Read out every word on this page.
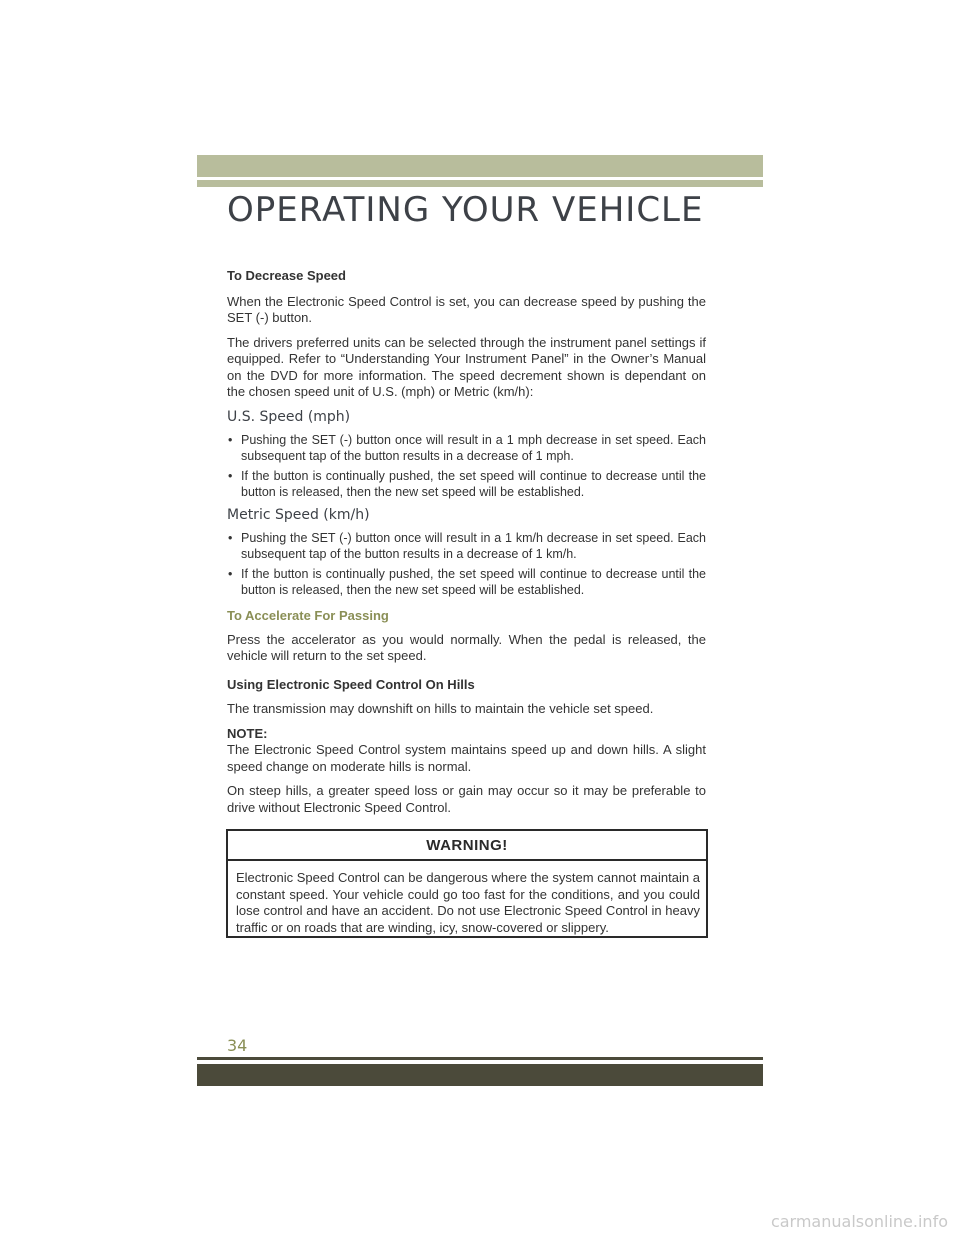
OPERATING YOUR VEHICLE

To Decrease Speed

When the Electronic Speed Control is set, you can decrease speed by pushing the SET (-) button.

The drivers preferred units can be selected through the instrument panel settings if equipped. Refer to “Understanding Your Instrument Panel” in the Owner’s Manual on the DVD for more information. The speed decrement shown is dependant on the chosen speed unit of U.S. (mph) or Metric (km/h):

U.S. Speed (mph)
• Pushing the SET (-) button once will result in a 1 mph decrease in set speed. Each subsequent tap of the button results in a decrease of 1 mph.
• If the button is continually pushed, the set speed will continue to decrease until the button is released, then the new set speed will be established.
Metric Speed (km/h)
• Pushing the SET (-) button once will result in a 1 km/h decrease in set speed. Each subsequent tap of the button results in a decrease of 1 km/h.
• If the button is continually pushed, the set speed will continue to decrease until the button is released, then the new set speed will be established.
To Accelerate For Passing

Press the accelerator as you would normally. When the pedal is released, the vehicle will return to the set speed.

Using Electronic Speed Control On Hills

The transmission may downshift on hills to maintain the vehicle set speed.

NOTE:

The Electronic Speed Control system maintains speed up and down hills. A slight speed change on moderate hills is normal.

On steep hills, a greater speed loss or gain may occur so it may be preferable to drive without Electronic Speed Control.

WARNING!

Electronic Speed Control can be dangerous where the system cannot maintain a constant speed. Your vehicle could go too fast for the conditions, and you could lose control and have an accident. Do not use Electronic Speed Control in heavy traffic or on roads that are winding, icy, snow-covered or slippery.

34
carmanualsonline.info
